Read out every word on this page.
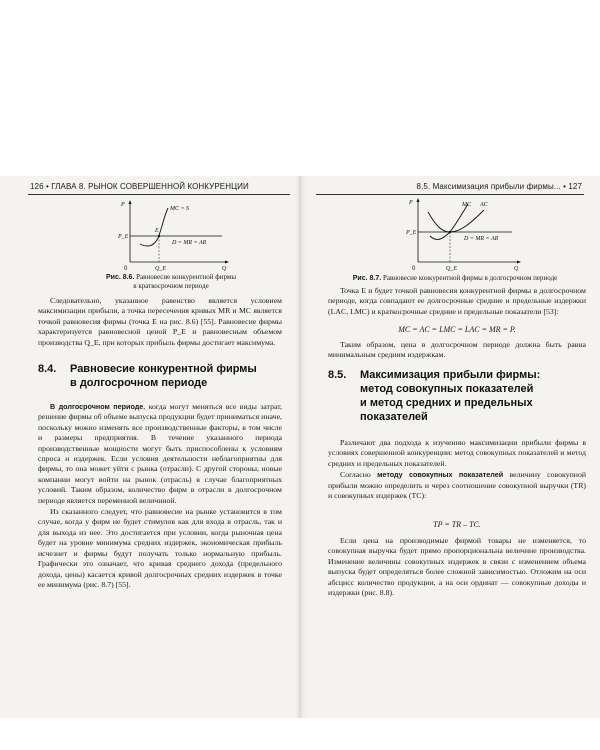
126 • ГЛАВА 8. РЫНОК СОВЕРШЕННОЙ КОНКУРЕНЦИИ
P
Q
0
P_E
Q_E
MC = S
E
D = MR = AR
Рис. 8.6. Равновесие конкурентной фирмы
в краткосрочном периоде

Следовательно, указанное равенство является условием максимизации прибыли, а точка пересечения кривых MR и MC является точкой равновесия фирмы (точка E на рис. 8.6) [55]. Равновесие фирмы характеризуется равновесной ценой P_E и равновесным объемом производства Q_E, при которых прибыль фирмы достигает максимума.

8.4. Равновесие конкурентной фирмы
в долгосрочном периоде

В долгосрочном периоде, когда могут меняться все виды затрат, решение фирмы об объеме выпуска продукции будет приниматься иначе, поскольку можно изменять все производственные факторы, в том числе и размеры предприятия. В течение указанного периода производственные мощности могут быть приспособлены к условиям спроса и издержек. Если условия деятельности неблагоприятны для фирмы, то она может уйти с рынка (отрасли). С другой стороны, новые компании могут войти на рынок (отрасль) в случае благоприятных условий. Таким образом, количество фирм в отрасли в долгосрочном периоде является переменной величиной.

Из сказанного следует, что равновесие на рынке установится в том случае, когда у фирм не будет стимулов как для входа в отрасль, так и для выхода из нее. Это достигается при условии, когда рыночная цена будет на уровне минимума средних издержек, экономическая прибыль исчезнет и фирмы будут получать только нормальную прибыль. Графически это означает, что кривая среднего дохода (предельного дохода, цены) касается кривой долгосрочных средних издержек в точке ее минимума (рис. 8.7) [55].

8.5. Максимизация прибыли фирмы... • 127
P
Q
0
P_E
Q_E
MC AC
D = MR = AR
Рис. 8.7. Равновесие конкурентной фирмы в долгосрочном периоде

Точка E и будет точкой равновесия конкурентной фирмы в долгосрочном периоде, когда совпадают ее долгосрочные средние и предельные издержки (LAC, LMC) и краткосрочные средние и предельные показатели [53]:

MC = AC = LMC = LAC = MR = P.

Таким образом, цена в долгосрочном периоде должна быть равна минимальным средним издержкам.

8.5. Максимизация прибыли фирмы:
метод совокупных показателей
и метод средних и предельных
показателей

Различают два подхода к изучению максимизации прибыли фирмы в условиях совершенной конкуренции: метод совокупных показателей и метод средних и предельных показателей.

Согласно методу совокупных показателей величину совокупной прибыли можно определить и через соотношение совокупной выручки (TR) и совокупных издержек (TC):

TP = TR – TC.

Если цена на производимые фирмой товары не изменяется, то совокупная выручка будет прямо пропорциональна величине производства. Изменение величины совокупных издержек в связи с изменением объема выпуска будет определяться более сложной зависимостью. Отложим на оси абсцисс количество продукции, а на оси ординат — совокупные доходы и издержки (рис. 8.8).
